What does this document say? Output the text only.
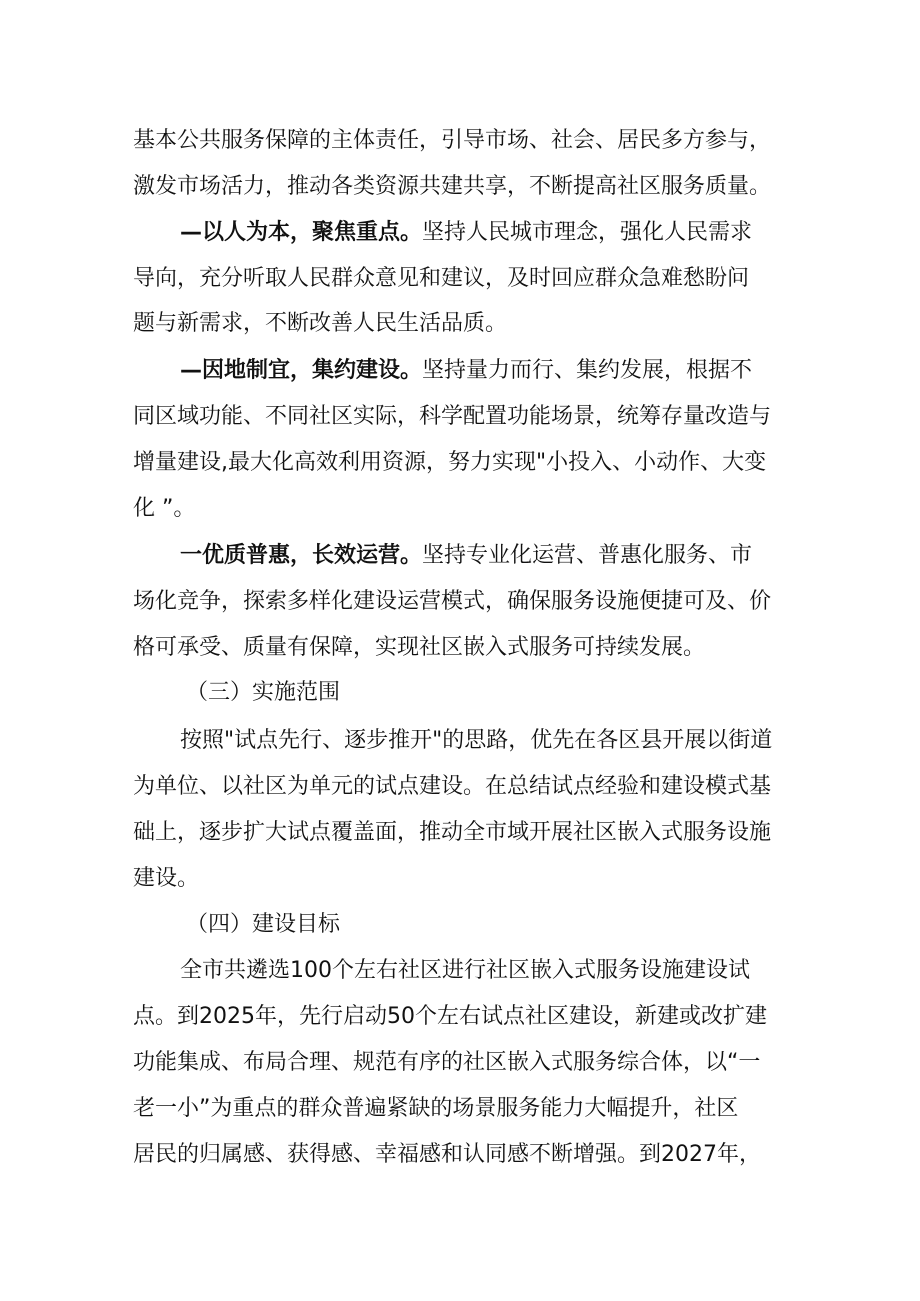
基本公共服务保障的主体责任，引导市场、社会、居民多方参与，
激发市场活力，推动各类资源共建共享，不断提高社区服务质量。
—以人为本，聚焦重点。坚持人民城市理念，强化人民需求
导向，充分听取人民群众意见和建议，及时回应群众急难愁盼问
题与新需求，不断改善人民生活品质。
—因地制宜，集约建设。坚持量力而行、集约发展，根据不
同区域功能、不同社区实际，科学配置功能场景，统筹存量改造与
增量建设,最大化高效利用资源，努力实现"小投入、小动作、大变
化 ”。
一优质普惠，长效运营。坚持专业化运营、普惠化服务、市
场化竞争，探索多样化建设运营模式，确保服务设施便捷可及、价
格可承受、质量有保障，实现社区嵌入式服务可持续发展。
（三）实施范围
按照"试点先行、逐步推开"的思路，优先在各区县开展以街道
为单位、以社区为单元的试点建设。在总结试点经验和建设模式基
础上，逐步扩大试点覆盖面，推动全市域开展社区嵌入式服务设施
建设。
（四）建设目标
全市共遴选100个左右社区进行社区嵌入式服务设施建设试
点。到2025年，先行启动50个左右试点社区建设，新建或改扩建
功能集成、布局合理、规范有序的社区嵌入式服务综合体，以“一
老一小”为重点的群众普遍紧缺的场景服务能力大幅提升，社区
居民的归属感、获得感、幸福感和认同感不断增强。到2027年，
